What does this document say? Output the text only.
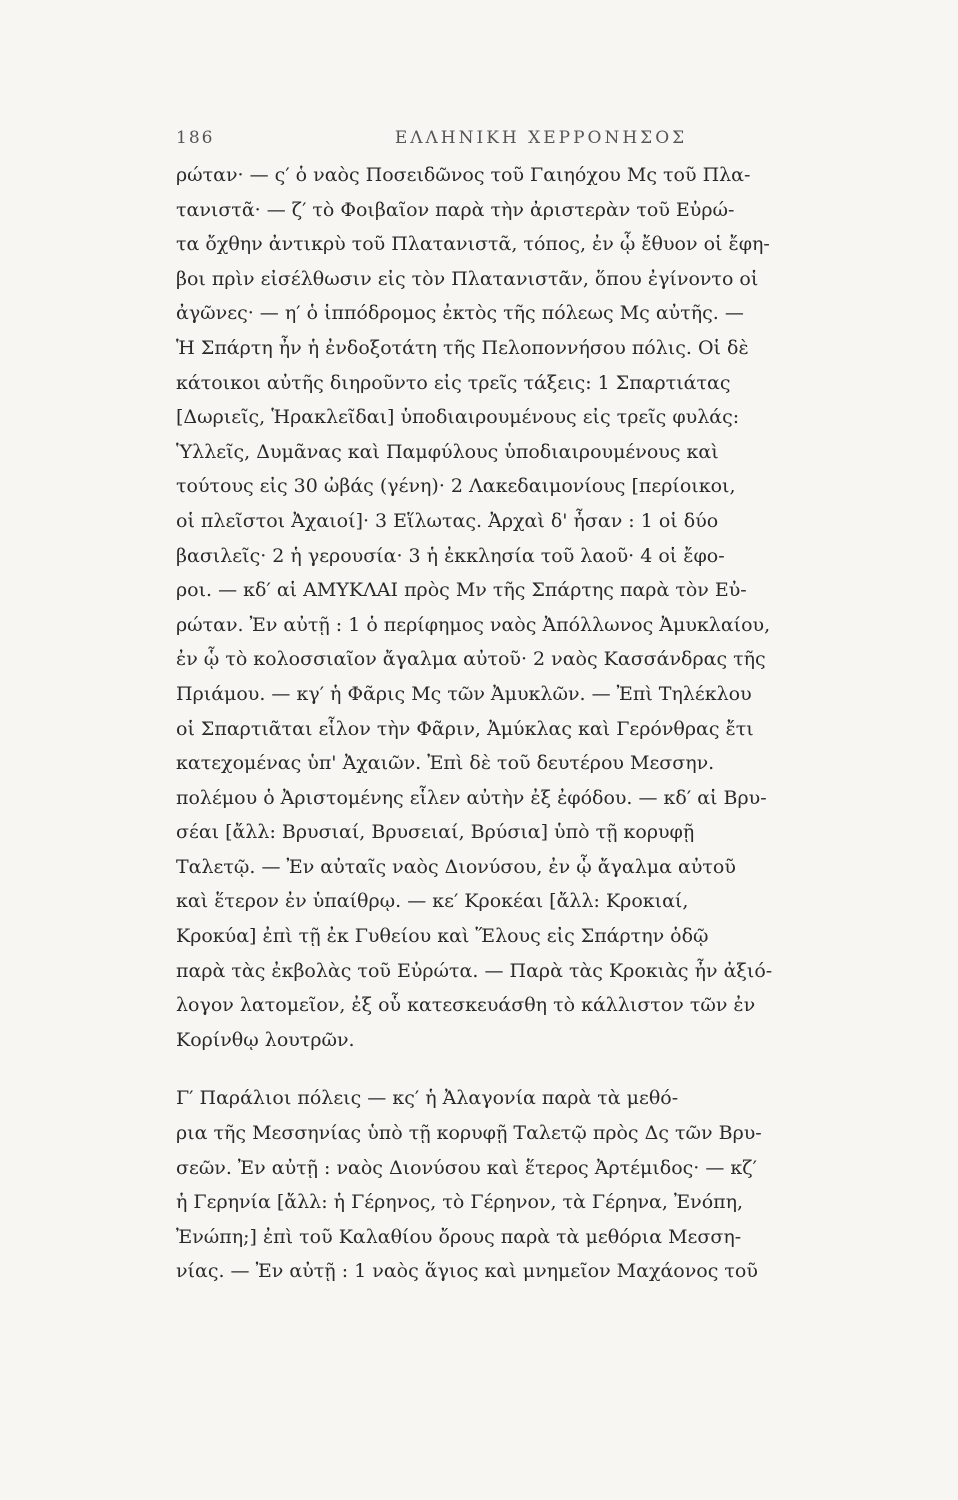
186	ΕΛΛΗΝΙΚΗ ΧΕΡΡΟΝΗΣΟΣ
ρώταν· — ς′ ὁ ναὸς Ποσειδῶνος τοῦ Γαιηόχου Μς τοῦ Πλα-
τανιστᾶ· — ζ′ τὸ Φοιβαῖον παρὰ τὴν ἀριστερὰν τοῦ Εὐρώ-
τα ὄχθην ἀντικρὺ τοῦ Πλατανιστᾶ, τόπος, ἐν ᾧ ἔθυον οἱ ἔφη-
βοι πρὶν εἰσέλθωσιν εἰς τὸν Πλατανιστᾶν, ὅπου ἐγίνοντο οἱ
ἀγῶνες· — η′ ὁ ἱππόδρομος ἐκτὸς τῆς πόλεως Μς αὐτῆς. —
Ἡ Σπάρτη ἦν ἡ ἐνδοξοτάτη τῆς Πελοποννήσου πόλις. Οἱ δὲ
κάτοικοι αὐτῆς διηροῦντο εἰς τρεῖς τάξεις: 1 Σπαρτιάτας
[Δωριεῖς, Ἡρακλεῖδαι] ὑποδιαιρουμένους εἰς τρεῖς φυλάς:
Ὑλλεῖς, Δυμᾶνας καὶ Παμφύλους ὑποδιαιρουμένους καὶ
τούτους εἰς 30 ὠβάς (γένη)· 2 Λακεδαιμονίους [περίοικοι,
οἱ πλεῖστοι Ἀχαιοί]· 3 Εἵλωτας. Ἀρχαὶ δ' ἦσαν : 1 οἱ δύο
βασιλεῖς· 2 ἡ γερουσία· 3 ἡ ἐκκλησία τοῦ λαοῦ· 4 οἱ ἔφο-
ροι. — κδ′ αἱ ΑΜΥΚΛΑΙ πρὸς Μν τῆς Σπάρτης παρὰ τὸν Εὐ-
ρώταν. Ἐν αὐτῇ : 1 ὁ περίφημος ναὸς Ἀπόλλωνος Ἀμυκλαίου,
ἐν ᾧ τὸ κολοσσιαῖον ἄγαλμα αὐτοῦ· 2 ναὸς Κασσάνδρας τῆς
Πριάμου. — κγ′ ἡ Φᾶρις Μς τῶν Ἀμυκλῶν. — Ἐπὶ Τηλέκλου
οἱ Σπαρτιᾶται εἷλον τὴν Φᾶριν, Ἀμύκλας καὶ Γερόνθρας ἔτι
κατεχομένας ὑπ' Ἀχαιῶν. Ἐπὶ δὲ τοῦ δευτέρου Μεσσην.
πολέμου ὁ Ἀριστομένης εἷλεν αὐτὴν ἐξ ἐφόδου. — κδ′ αἱ Βρυ-
σέαι [ἄλλ: Βρυσιαί, Βρυσειαί, Βρύσια] ὑπὸ τῇ κορυφῇ
Ταλετῷ. — Ἐν αὐταῖς ναὸς Διονύσου, ἐν ᾧ ἄγαλμα αὐτοῦ
καὶ ἕτερον ἐν ὑπαίθρῳ. — κε′ Κροκέαι [ἄλλ: Κροκιαί,
Κροκύα] ἐπὶ τῇ ἐκ Γυθείου καὶ Ἕλους εἰς Σπάρτην ὁδῷ
παρὰ τὰς ἐκβολὰς τοῦ Εὐρώτα. — Παρὰ τὰς Κροκιὰς ἦν ἀξιό-
λογον λατομεῖον, ἐξ οὗ κατεσκευάσθη τὸ κάλλιστον τῶν ἐν
Κορίνθῳ λουτρῶν.
Γ′ Παράλιοι πόλεις — κς′ ἡ Ἀλαγονία παρὰ τὰ μεθό-
ρια τῆς Μεσσηνίας ὑπὸ τῇ κορυφῇ Ταλετῷ πρὸς Δς τῶν Βρυ-
σεῶν. Ἐν αὐτῇ : ναὸς Διονύσου καὶ ἕτερος Ἀρτέμιδος· — κζ′
ἡ Γερηνία [ἄλλ: ἡ Γέρηνος, τὸ Γέρηνον, τὰ Γέρηνα, Ἐνόπη,
Ἐνώπη;] ἐπὶ τοῦ Καλαθίου ὄρους παρὰ τὰ μεθόρια Μεσση-
νίας. — Ἐν αὐτῇ : 1 ναὸς ἅγιος καὶ μνημεῖον Μαχάονος τοῦ
